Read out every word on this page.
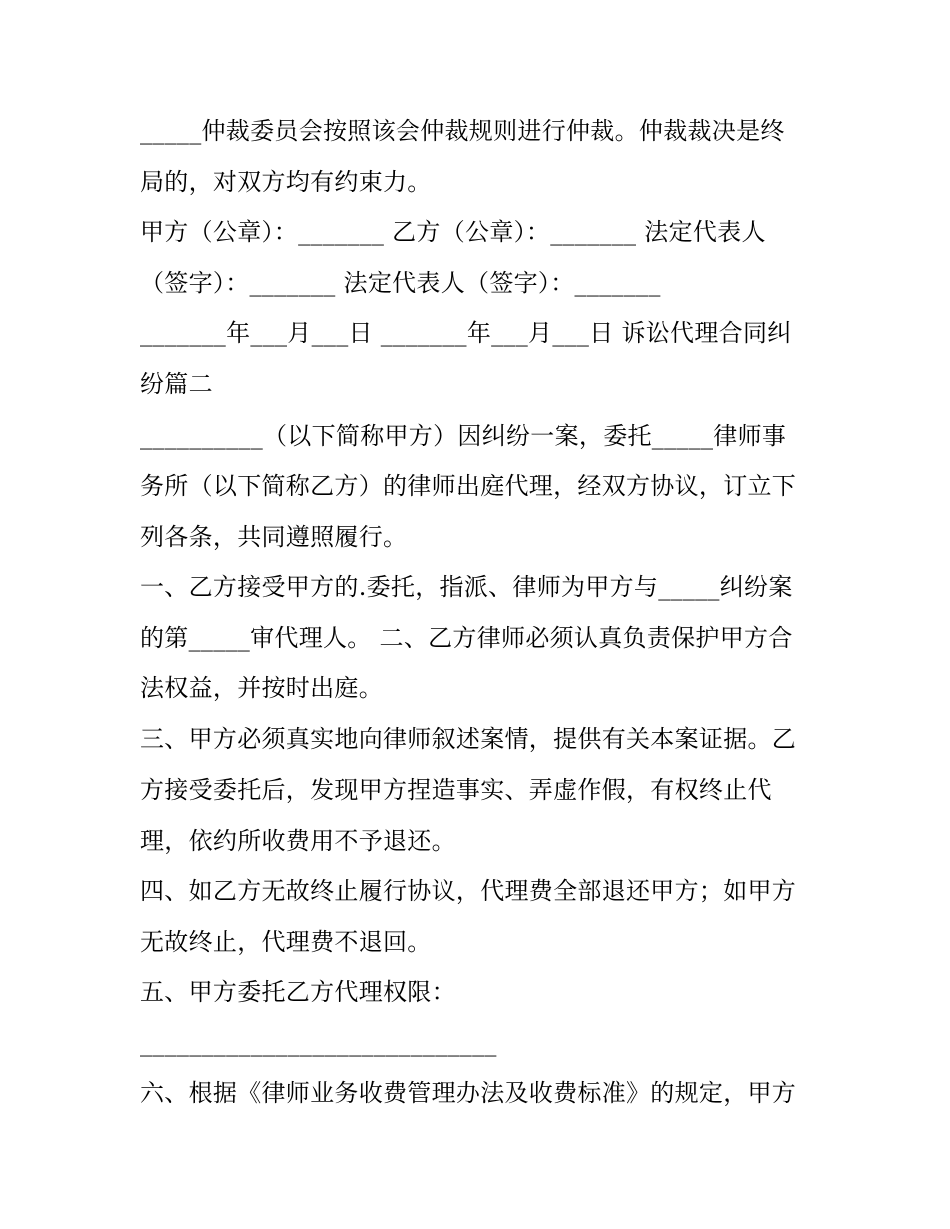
_____仲裁委员会按照该会仲裁规则进行仲裁。仲裁裁决是终
局的，对双方均有约束力。
甲方（公章）：_______ 乙方（公章）：_______ 法定代表人
（签字）：_______ 法定代表人（签字）：_______
_______年___月___日 _______年___月___日 诉讼代理合同纠
纷篇二
__________（以下简称甲方）因纠纷一案，委托_____律师事
务所（以下简称乙方）的律师出庭代理，经双方协议，订立下
列各条，共同遵照履行。
一、乙方接受甲方的.委托，指派、律师为甲方与_____纠纷案
的第_____审代理人。 二、乙方律师必须认真负责保护甲方合
法权益，并按时出庭。
三、甲方必须真实地向律师叙述案情，提供有关本案证据。乙
方接受委托后，发现甲方捏造事实、弄虚作假，有权终止代
理，依约所收费用不予退还。
四、如乙方无故终止履行协议，代理费全部退还甲方；如甲方
无故终止，代理费不退回。
五、甲方委托乙方代理权限：
_____________________________
六、根据《律师业务收费管理办法及收费标准》的规定，甲方
